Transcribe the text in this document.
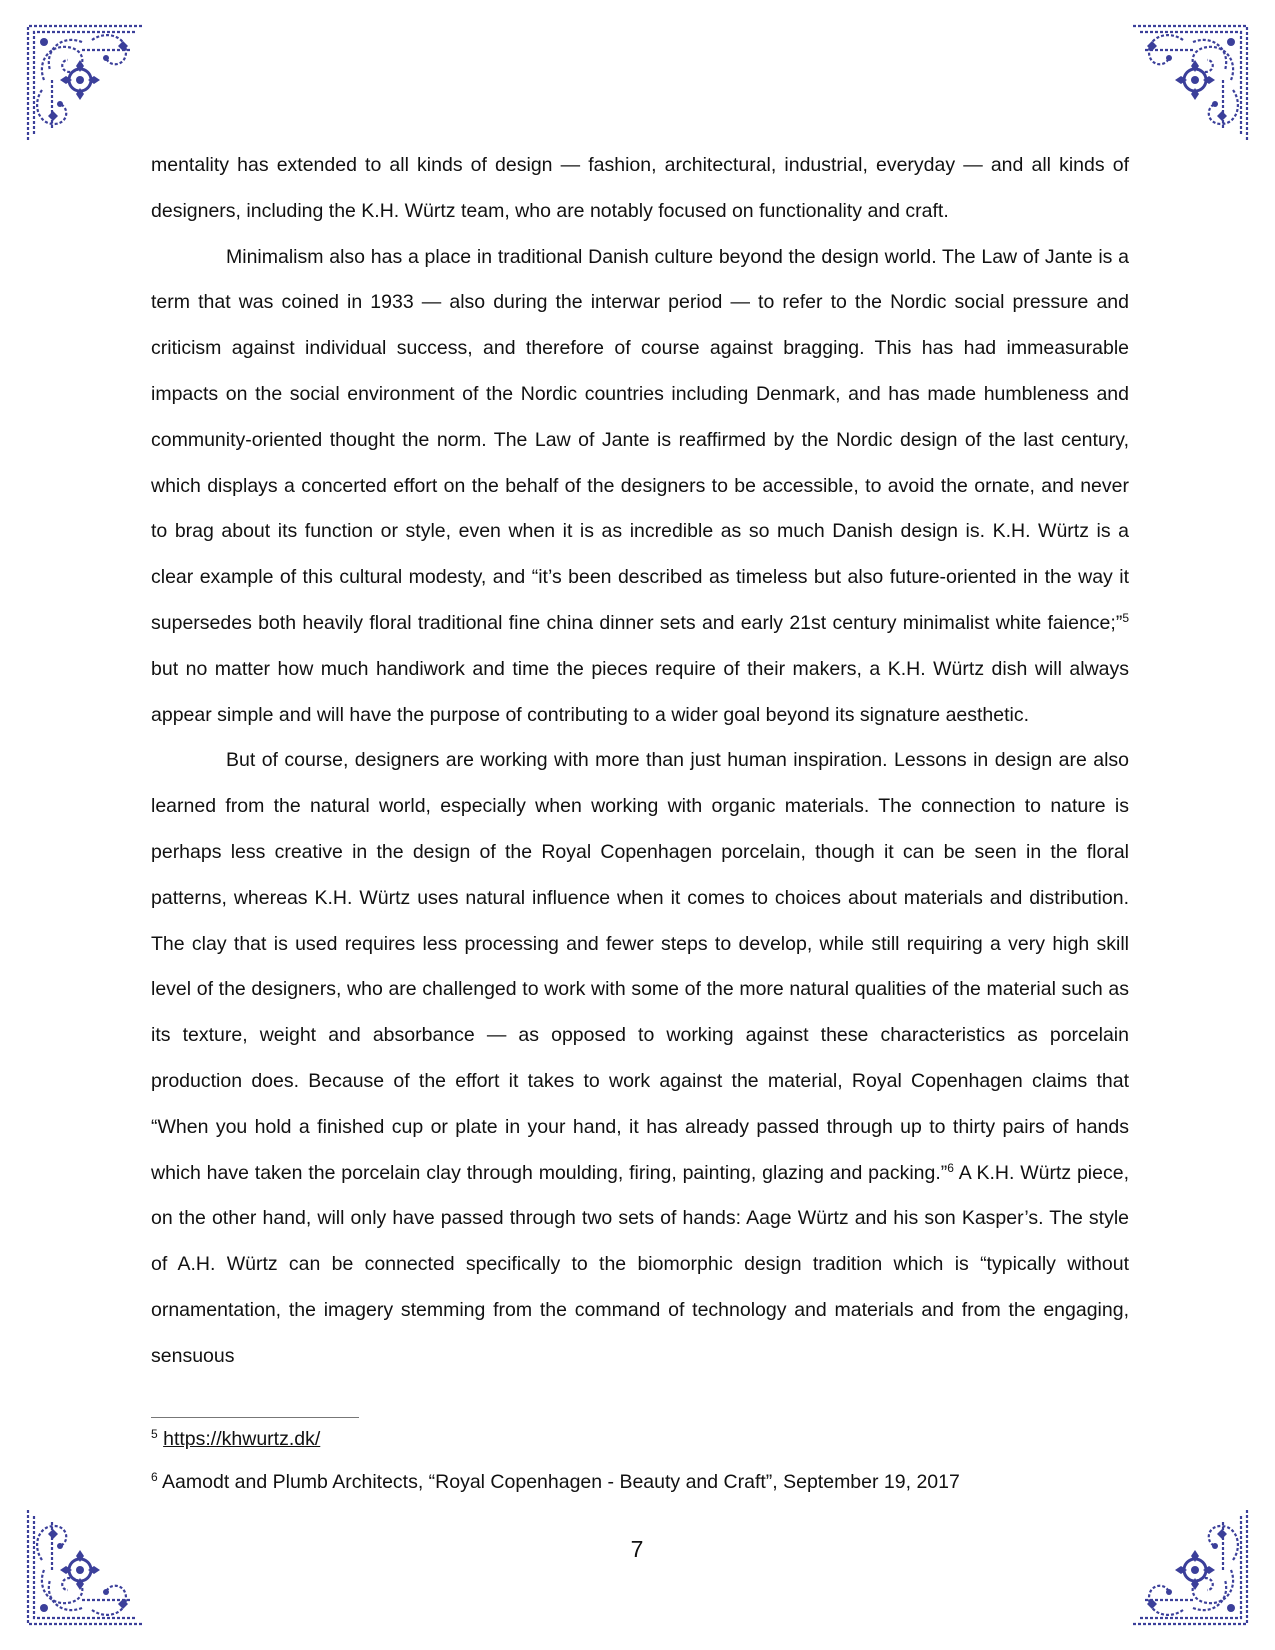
mentality has extended to all kinds of design — fashion, architectural, industrial, everyday — and all kinds of designers, including the K.H. Würtz team, who are notably focused on functionality and craft.

Minimalism also has a place in traditional Danish culture beyond the design world. The Law of Jante is a term that was coined in 1933 — also during the interwar period — to refer to the Nordic social pressure and criticism against individual success, and therefore of course against bragging. This has had immeasurable impacts on the social environment of the Nordic countries including Denmark, and has made humbleness and community-oriented thought the norm. The Law of Jante is reaffirmed by the Nordic design of the last century, which displays a concerted effort on the behalf of the designers to be accessible, to avoid the ornate, and never to brag about its function or style, even when it is as incredible as so much Danish design is. K.H. Würtz is a clear example of this cultural modesty, and “it’s been described as timeless but also future-oriented in the way it supersedes both heavily floral traditional fine china dinner sets and early 21st century minimalist white faience;”$^5$ but no matter how much handiwork and time the pieces require of their makers, a K.H. Würtz dish will always appear simple and will have the purpose of contributing to a wider goal beyond its signature aesthetic.

But of course, designers are working with more than just human inspiration. Lessons in design are also learned from the natural world, especially when working with organic materials. The connection to nature is perhaps less creative in the design of the Royal Copenhagen porcelain, though it can be seen in the floral patterns, whereas K.H. Würtz uses natural influence when it comes to choices about materials and distribution. The clay that is used requires less processing and fewer steps to develop, while still requiring a very high skill level of the designers, who are challenged to work with some of the more natural qualities of the material such as its texture, weight and absorbance — as opposed to working against these characteristics as porcelain production does. Because of the effort it takes to work against the material, Royal Copenhagen claims that “When you hold a finished cup or plate in your hand, it has already passed through up to thirty pairs of hands which have taken the porcelain clay through moulding, firing, painting, glazing and packing.”$^6$ A K.H. Würtz piece, on the other hand, will only have passed through two sets of hands: Aage Würtz and his son Kasper’s. The style of A.H. Würtz can be connected specifically to the biomorphic design tradition which is “typically without ornamentation, the imagery stemming from the command of technology and materials and from the engaging, sensuous

$^5$ https://khwurtz.dk/

$^6$ Aamodt and Plumb Architects, “Royal Copenhagen - Beauty and Craft”, September 19, 2017

7
